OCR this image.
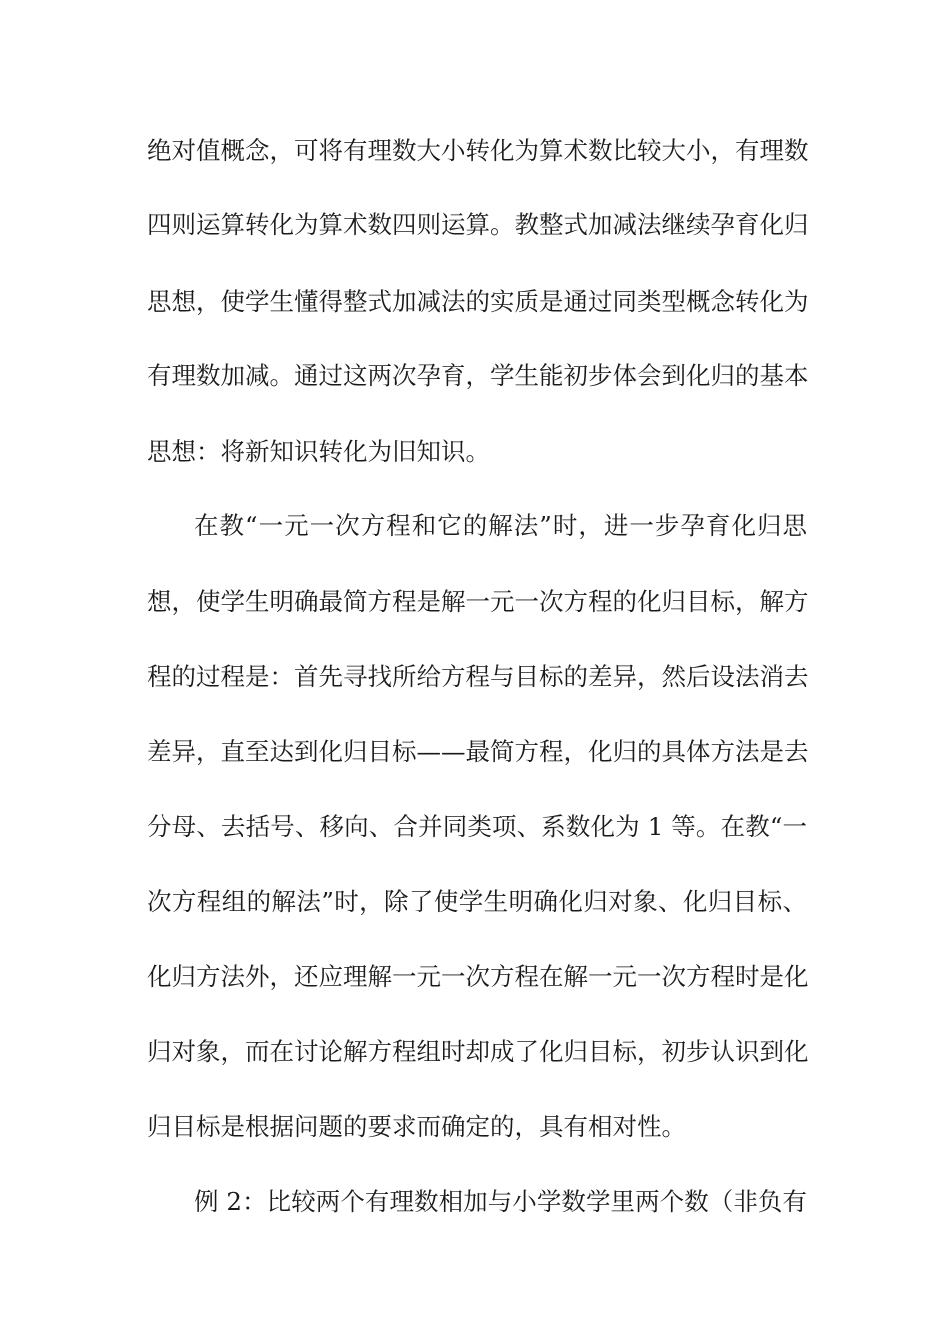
绝对值概念，可将有理数大小转化为算术数比较大小，有理数
四则运算转化为算术数四则运算。教整式加减法继续孕育化归
思想，使学生懂得整式加减法的实质是通过同类型概念转化为
有理数加减。通过这两次孕育，学生能初步体会到化归的基本
思想：将新知识转化为旧知识。
在教“一元一次方程和它的解法”时，进一步孕育化归思
想，使学生明确最简方程是解一元一次方程的化归目标，解方
程的过程是：首先寻找所给方程与目标的差异，然后设法消去
差异，直至达到化归目标——最简方程，化归的具体方法是去
分母、去括号、移向、合并同类项、系数化为 1 等。在教“一
次方程组的解法”时，除了使学生明确化归对象、化归目标、
化归方法外，还应理解一元一次方程在解一元一次方程时是化
归对象，而在讨论解方程组时却成了化归目标，初步认识到化
归目标是根据问题的要求而确定的，具有相对性。
例 2：比较两个有理数相加与小学数学里两个数（非负有
